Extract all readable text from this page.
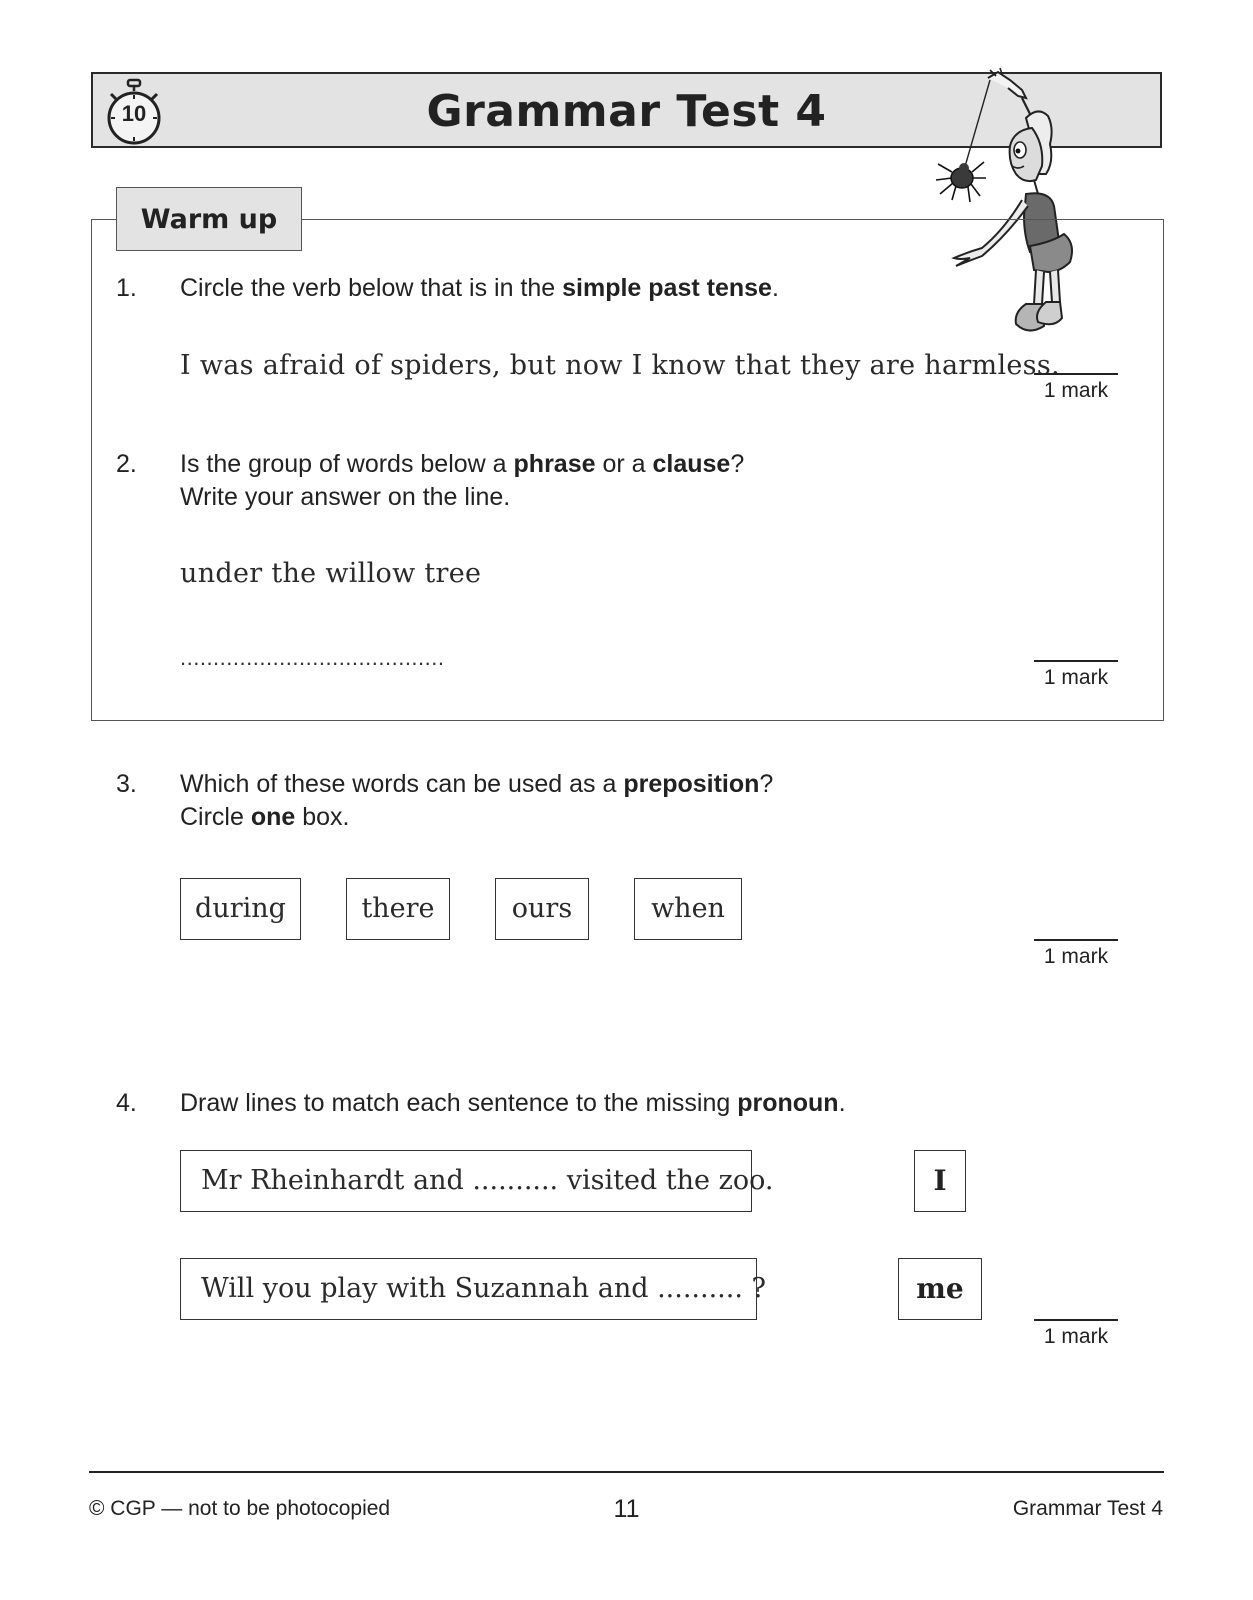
Grammar Test 4
10
Warm up
1. Circle the verb below that is in the simple past tense.
I was afraid of spiders, but now I know that they are harmless.
1 mark
2. Is the group of words below a phrase or a clause?
Write your answer on the line.
under the willow tree
........................................
1 mark
3. Which of these words can be used as a preposition?
Circle one box.
during	there	ours	when
1 mark
4. Draw lines to match each sentence to the missing pronoun.
Mr Rheinhardt and .......... visited the zoo.
Will you play with Suzannah and .......... ?
I
me
1 mark
© CGP — not to be photocopied	11	Grammar Test 4
